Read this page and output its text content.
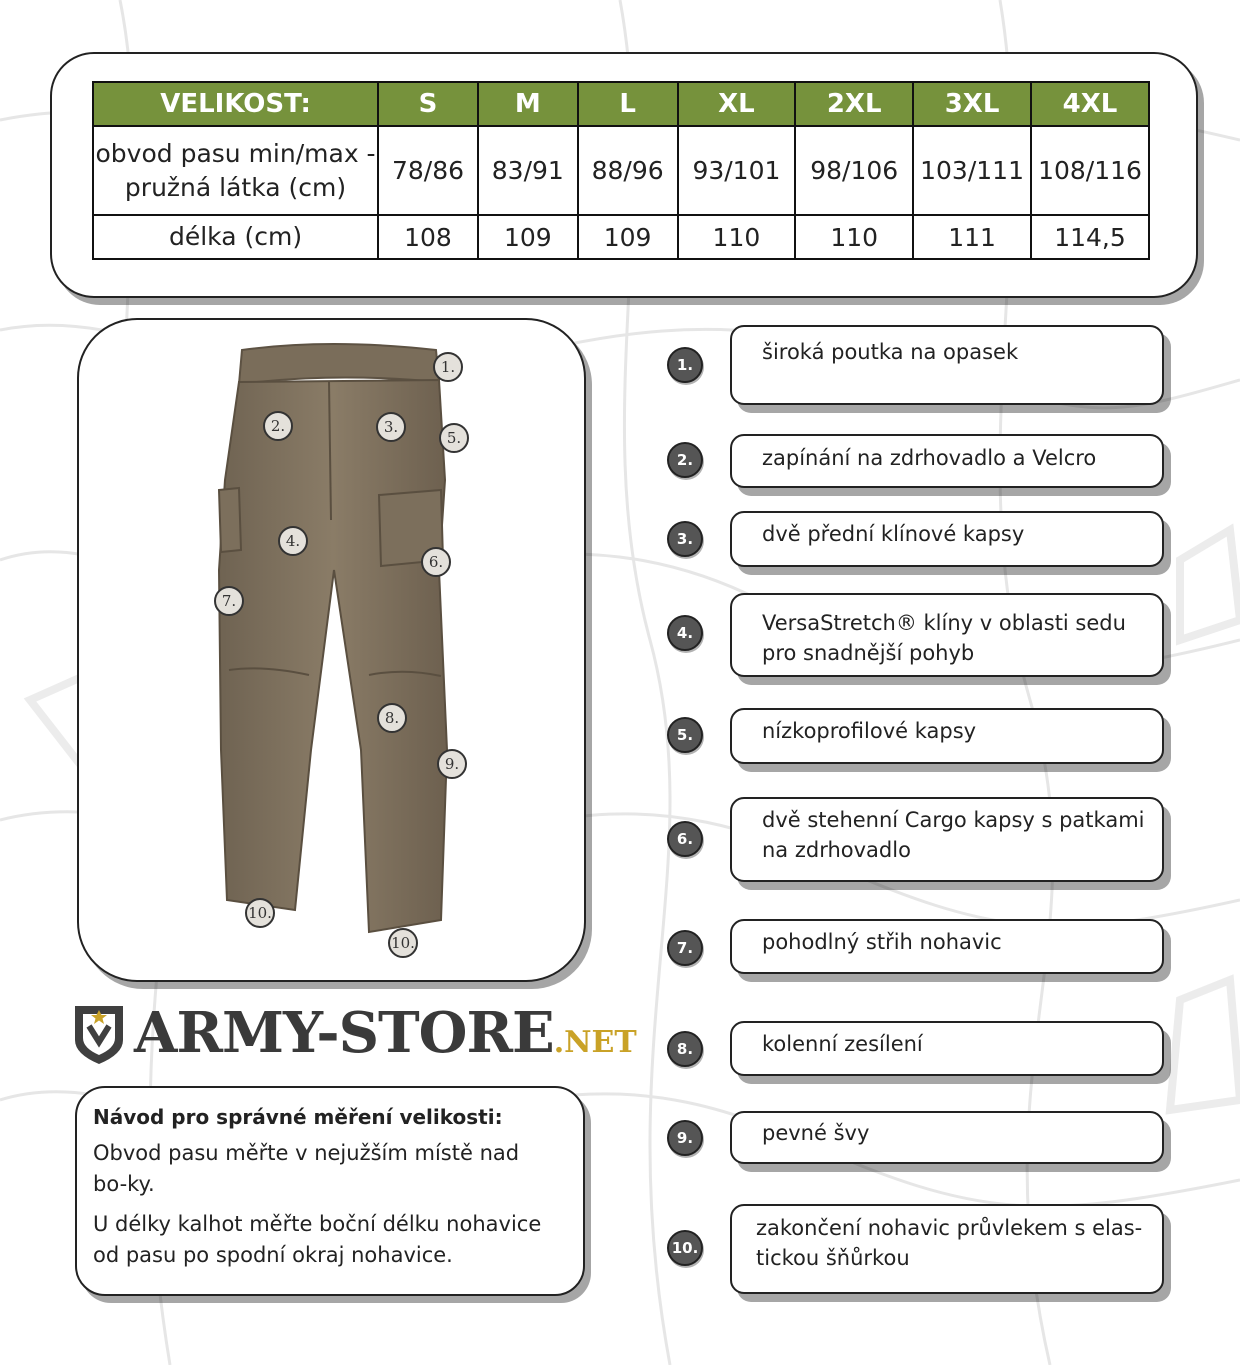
VELIKOST:	S	M	L	XL	2XL	3XL	4XL
obvod pasu min/max -
pružná látka (cm)	78/86	83/91	88/96	93/101	98/106	103/111	108/116
délka (cm)	108	109	109	110	110	111	114,5
1.
2.	3.
5.
4.
6.
7.
8.
9.
10.
10.
ARMY-STORE.NET
Návod pro správné měření velikosti:

Obvod pasu měřte v nejužším místě nad bo-ky.

U délky kalhot měřte boční délku nohavice od pasu po spodní okraj nohavice.

1.
široká poutka na opasek
2.	zapínání na zdrhovadlo a Velcro
3.	dvě přední klínové kapsy
4.	VersaStretch® klíny v oblasti sedu pro snadnější pohyb
5.	nízkoprofilové kapsy
6.
dvě stehenní Cargo kapsy s patkami na zdrhovadlo
7.	pohodlný střih nohavic
8.	kolenní zesílení
9.	pevné švy
10.
zakončení nohavic průvlekem s elas-tickou šňůrkou
